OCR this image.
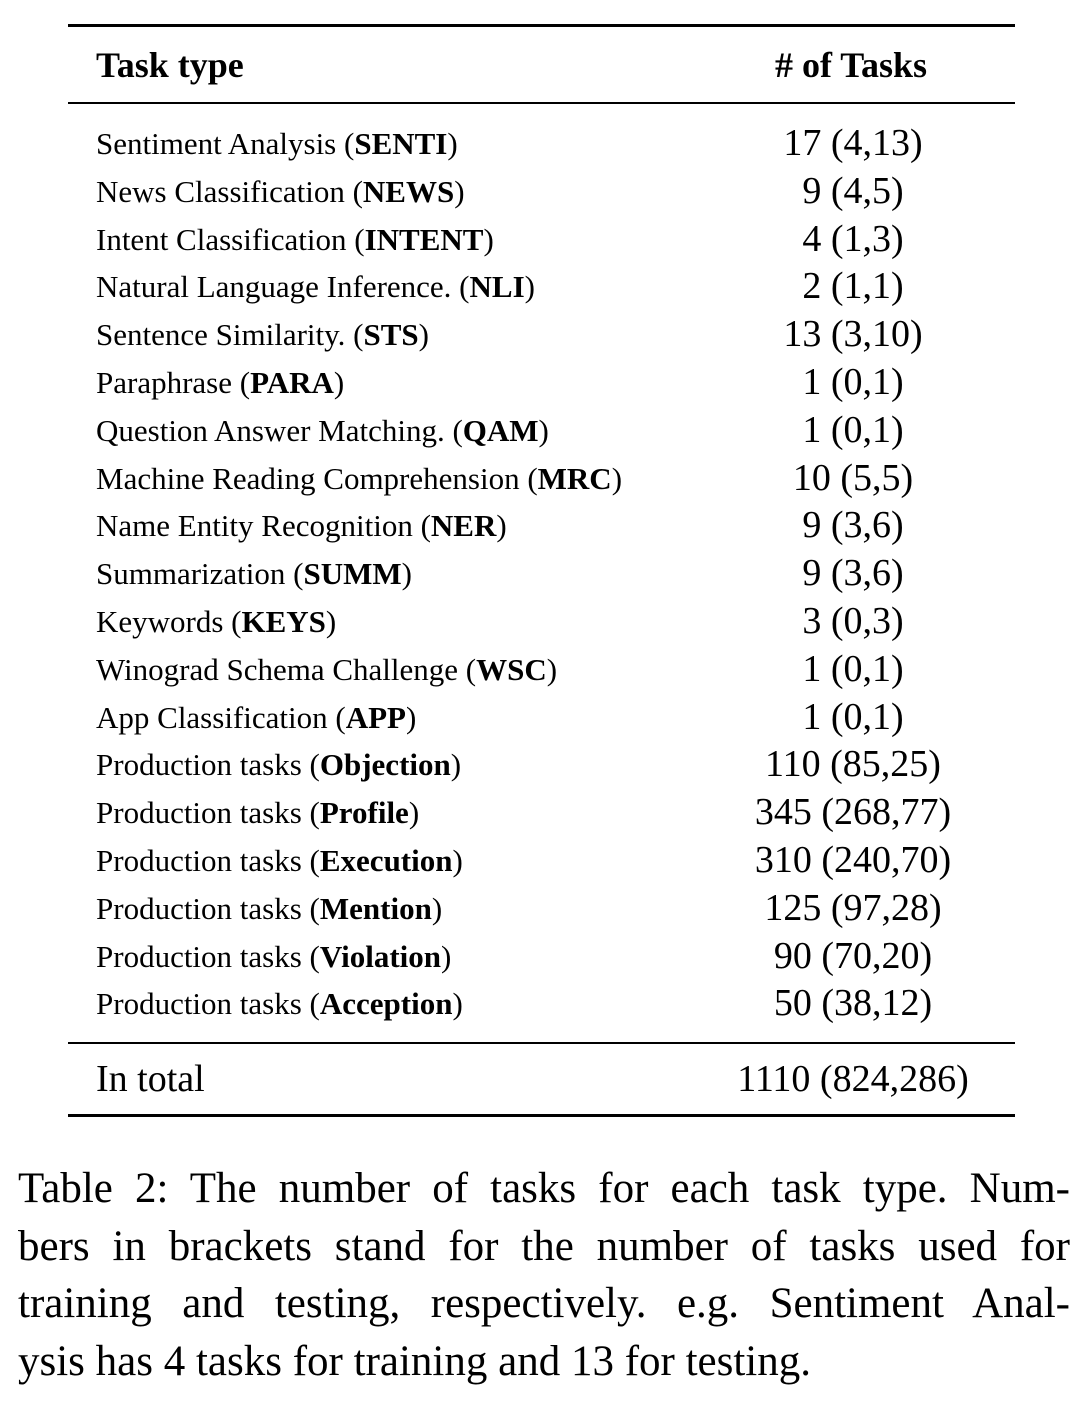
Task type	# of Tasks
Sentiment Analysis (SENTI)	17 (4,13)
News Classification (NEWS)	9 (4,5)
Intent Classification (INTENT)	4 (1,3)
Natural Language Inference. (NLI)	2 (1,1)
Sentence Similarity. (STS)	13 (3,10)
Paraphrase (PARA)	1 (0,1)
Question Answer Matching. (QAM)	1 (0,1)
Machine Reading Comprehension (MRC)	10 (5,5)
Name Entity Recognition (NER)	9 (3,6)
Summarization (SUMM)	9 (3,6)
Keywords (KEYS)	3 (0,3)
Winograd Schema Challenge (WSC)	1 (0,1)
App Classification (APP)	1 (0,1)
Production tasks (Objection)	110 (85,25)
Production tasks (Profile)	345 (268,77)
Production tasks (Execution)	310 (240,70)
Production tasks (Mention)	125 (97,28)
Production tasks (Violation)	90 (70,20)
Production tasks (Acception)	50 (38,12)
In total	1110 (824,286)
Table 2: The number of tasks for each task type. Num-
bers in brackets stand for the number of tasks used for
training and testing, respectively. e.g. Sentiment Anal-
ysis has 4 tasks for training and 13 for testing.
